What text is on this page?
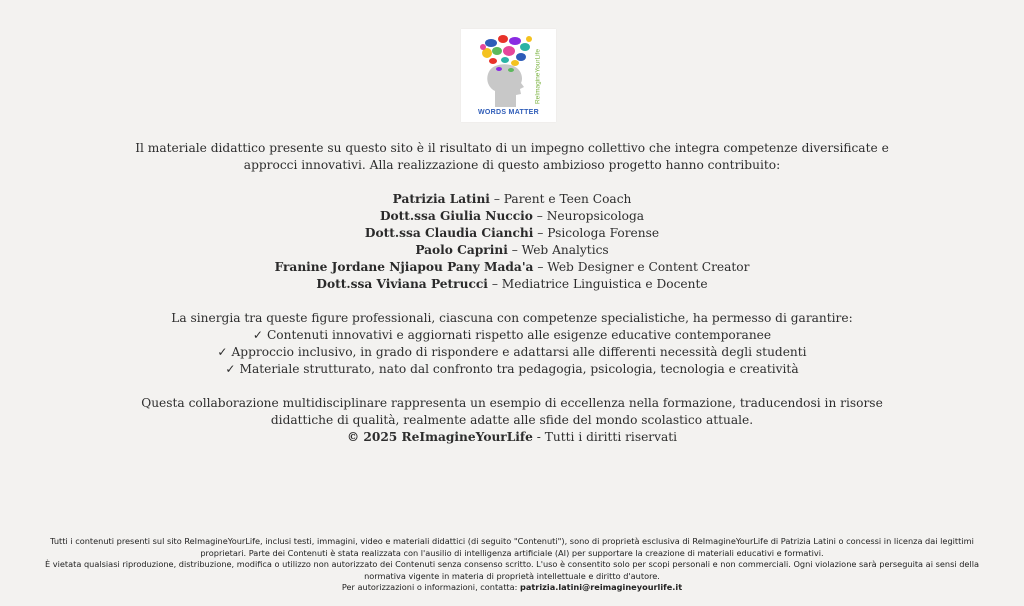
ReImagineYourLife
WORDS MATTER

Il materiale didattico presente su questo sito è il risultato di un impegno collettivo che integra competenze diversificate e approcci innovativi. Alla realizzazione di questo ambizioso progetto hanno contribuito:

Patrizia Latini – Parent e Teen Coach

Dott.ssa Giulia Nuccio – Neuropsicologa

Dott.ssa Claudia Cianchi – Psicologa Forense

Paolo Caprini – Web Analytics

Franine Jordane Njiapou Pany Mada'a – Web Designer e Content Creator

Dott.ssa Viviana Petrucci – Mediatrice Linguistica e Docente

La sinergia tra queste figure professionali, ciascuna con competenze specialistiche, ha permesso di garantire:

✓ Contenuti innovativi e aggiornati rispetto alle esigenze educative contemporanee

✓ Approccio inclusivo, in grado di rispondere e adattarsi alle differenti necessità degli studenti

✓ Materiale strutturato, nato dal confronto tra pedagogia, psicologia, tecnologia e creatività

Questa collaborazione multidisciplinare rappresenta un esempio di eccellenza nella formazione, traducendosi in risorse didattiche di qualità, realmente adatte alle sfide del mondo scolastico attuale.

© 2025 ReImagineYourLife - Tutti i diritti riservati

Tutti i contenuti presenti sul sito ReImagineYourLife, inclusi testi, immagini, video e materiali didattici (di seguito "Contenuti"), sono di proprietà esclusiva di ReImagineYourLife di Patrizia Latini o concessi in licenza dai legittimi proprietari. Parte dei Contenuti è stata realizzata con l'ausilio di intelligenza artificiale (AI) per supportare la creazione di materiali educativi e formativi.
È vietata qualsiasi riproduzione, distribuzione, modifica o utilizzo non autorizzato dei Contenuti senza consenso scritto. L'uso è consentito solo per scopi personali e non commerciali. Ogni violazione sarà perseguita ai sensi della normativa vigente in materia di proprietà intellettuale e diritto d'autore.
Per autorizzazioni o informazioni, contatta: patrizia.latini@reimagineyourlife.it
